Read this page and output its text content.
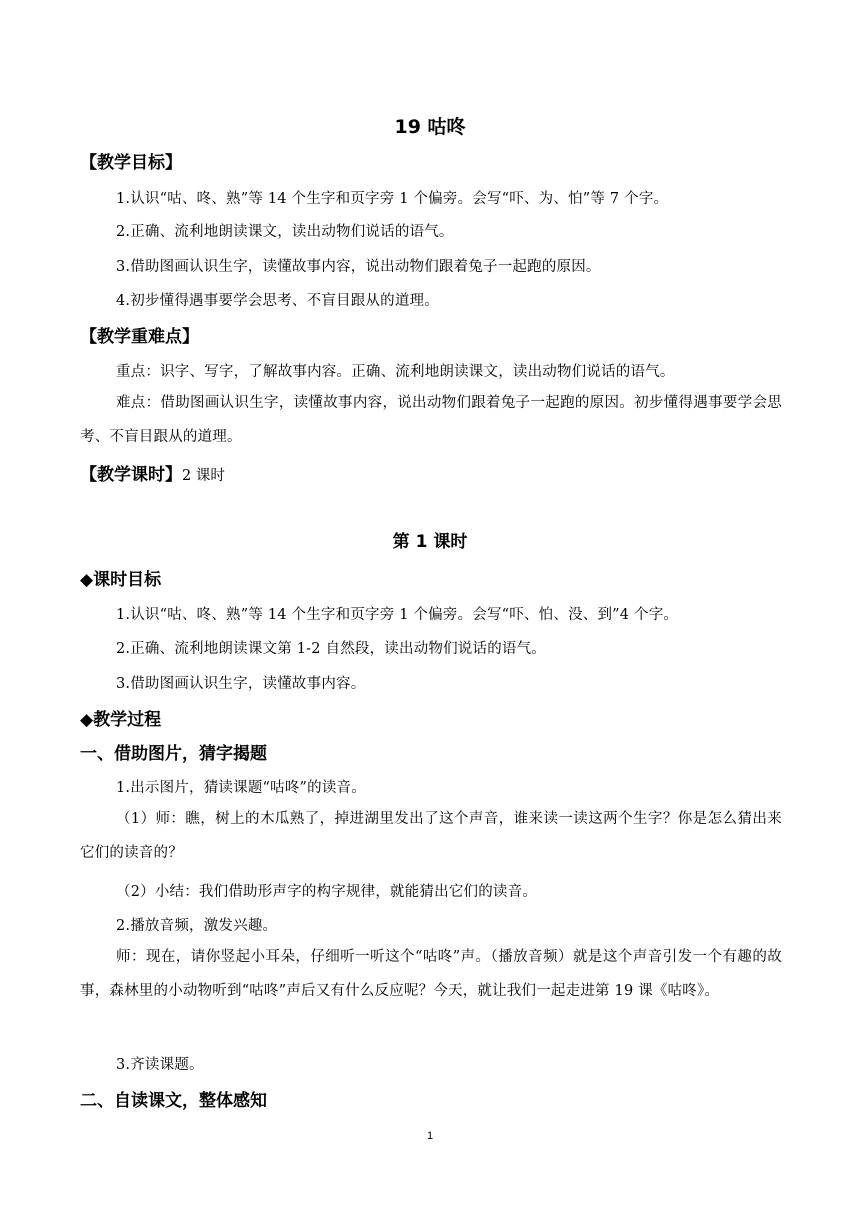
19 咕咚
【教学目标】
1.认识“咕、咚、熟”等 14 个生字和页字旁 1 个偏旁。会写“吓、为、怕”等 7 个字。
2.正确、流利地朗读课文，读出动物们说话的语气。
3.借助图画认识生字，读懂故事内容，说出动物们跟着兔子一起跑的原因。
4.初步懂得遇事要学会思考、不盲目跟从的道理。
【教学重难点】
重点：识字、写字，了解故事内容。正确、流利地朗读课文，读出动物们说话的语气。
难点：借助图画认识生字，读懂故事内容，说出动物们跟着兔子一起跑的原因。初步懂得遇事要学会思考、不盲目跟从的道理。
【教学课时】2 课时
第 1 课时
◆课时目标
1.认识“咕、咚、熟”等 14 个生字和页字旁 1 个偏旁。会写“吓、怕、没、到”4 个字。
2.正确、流利地朗读课文第 1-2 自然段，读出动物们说话的语气。
3.借助图画认识生字，读懂故事内容。
◆教学过程
一、借助图片，猜字揭题
1.出示图片，猜读课题“咕咚”的读音。
（1）师：瞧，树上的木瓜熟了，掉进湖里发出了这个声音，谁来读一读这两个生字？你是怎么猜出来它们的读音的？
（2）小结：我们借助形声字的构字规律，就能猜出它们的读音。
2.播放音频，激发兴趣。
师：现在，请你竖起小耳朵，仔细听一听这个“咕咚”声。（播放音频）就是这个声音引发一个有趣的故事，森林里的小动物听到“咕咚”声后又有什么反应呢？今天，就让我们一起走进第 19 课《咕咚》。
3.齐读课题。
二、自读课文，整体感知
1
